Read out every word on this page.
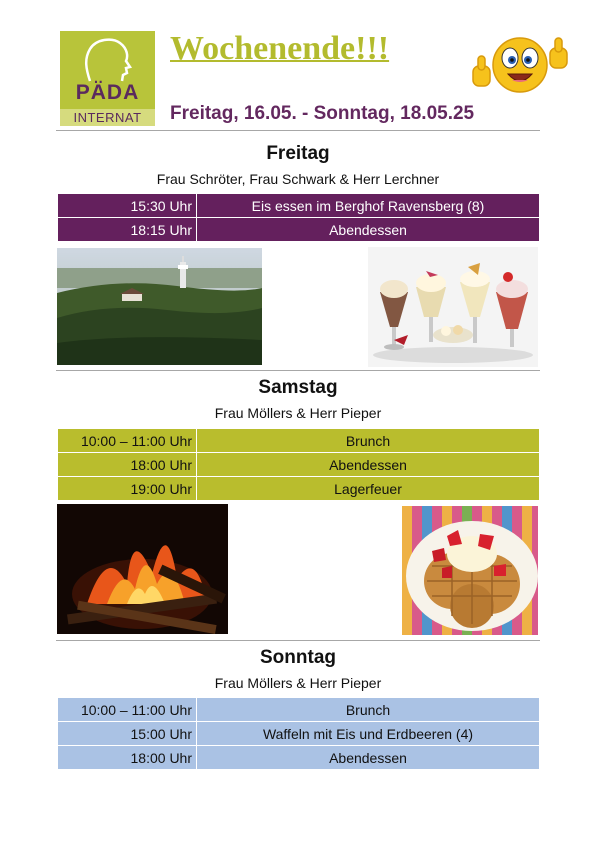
PÄDA
INTERNAT
Wochenende!!!
Freitag, 16.05. - Sonntag, 18.05.25
Freitag
Frau Schröter, Frau Schwark & Herr Lerchner
15:30 Uhr	Eis essen im Berghof Ravensberg (8)
18:15 Uhr	Abendessen
Samstag
Frau Möllers & Herr Pieper
10:00 – 11:00 Uhr	Brunch
18:00 Uhr	Abendessen
19:00 Uhr	Lagerfeuer
Sonntag
Frau Möllers & Herr Pieper
10:00 – 11:00 Uhr	Brunch
15:00 Uhr	Waffeln mit Eis und Erdbeeren (4)
18:00 Uhr	Abendessen
